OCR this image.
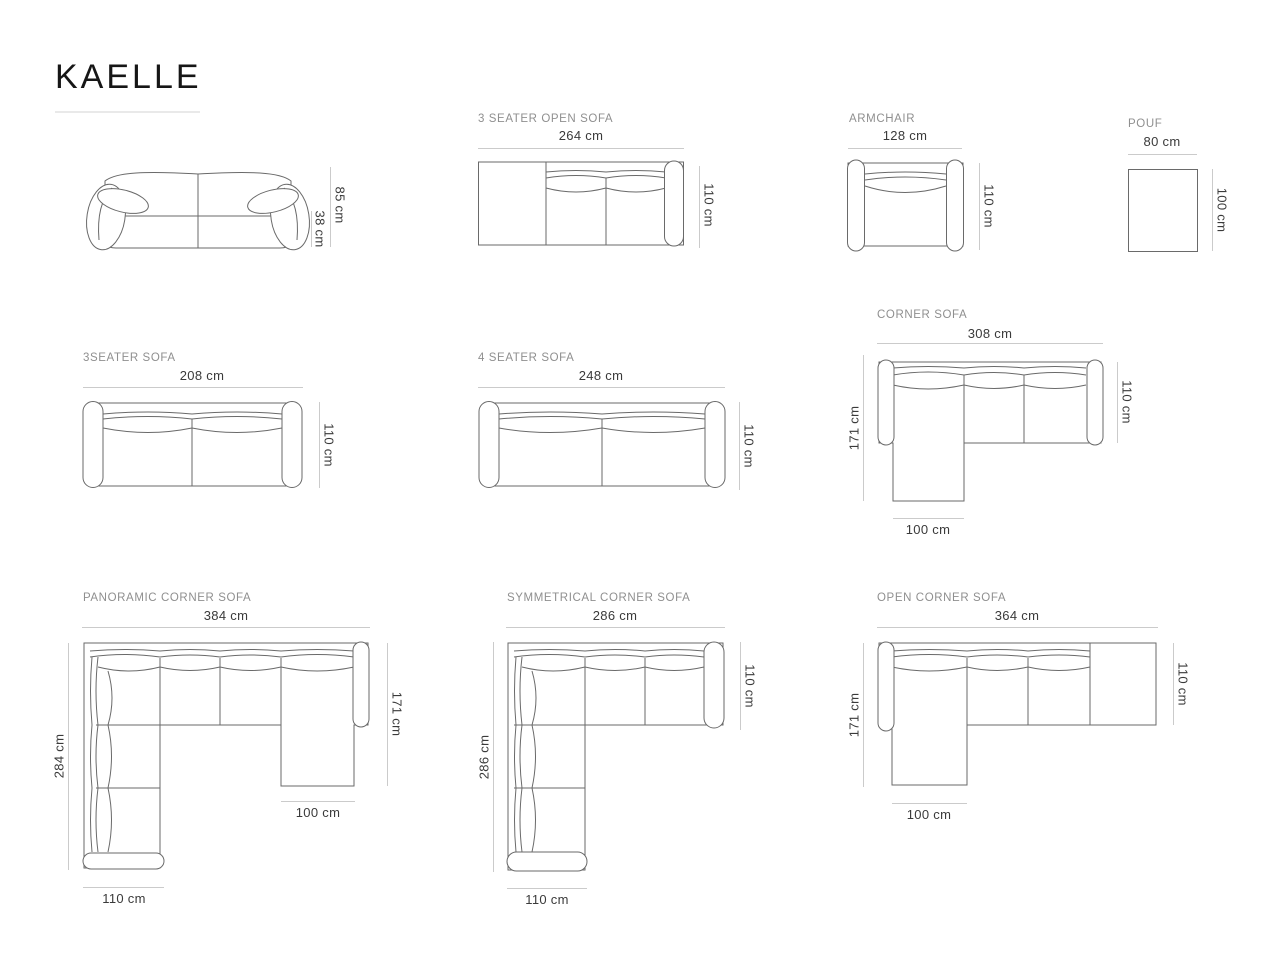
KAELLE
85 cm
38 cm
3 SEATER OPEN SOFA
264 cm
110 cm
ARMCHAIR
128 cm
110 cm
POUF
80 cm
100 cm
3SEATER SOFA
208 cm
110 cm
4 SEATER SOFA
248 cm
110 cm
CORNER SOFA
308 cm
171 cm
110 cm
100 cm
PANORAMIC CORNER SOFA
384 cm
284 cm
171 cm
100 cm
110 cm
SYMMETRICAL CORNER SOFA
286 cm
286 cm
110 cm
110 cm
OPEN CORNER SOFA
364 cm
171 cm
110 cm
100 cm
